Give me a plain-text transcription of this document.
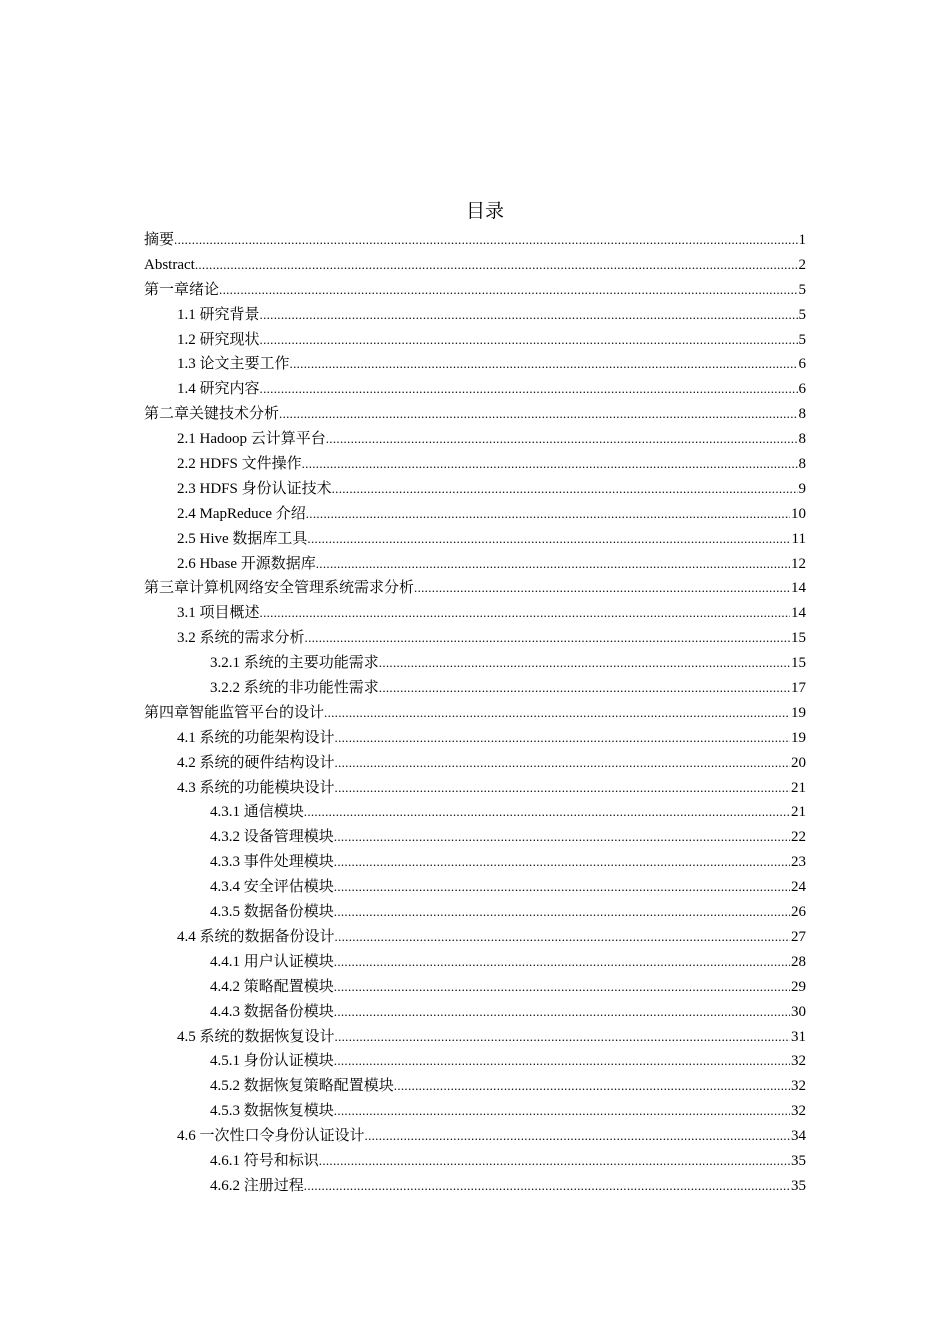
目录
摘要 .....	1
Abstract .....	2
第一章绪论 .....	5
1.1 研究背景 .....	5
1.2 研究现状 .....	5
1.3 论文主要工作 .....	6
1.4 研究内容 .....	6
第二章关键技术分析 .....	8
2.1 Hadoop 云计算平台 .....	8
2.2 HDFS 文件操作 .....	8
2.3 HDFS 身份认证技术 .....	9
2.4 MapReduce 介绍 .....	10
2.5 Hive 数据库工具 .....	11
2.6 Hbase 开源数据库 .....	12
第三章计算机网络安全管理系统需求分析 .....	14
3.1 项目概述 .....	14
3.2 系统的需求分析 .....	15
3.2.1 系统的主要功能需求 .....	15
3.2.2 系统的非功能性需求 .....	17
第四章智能监管平台的设计 .....	19
4.1 系统的功能架构设计 .....	19
4.2 系统的硬件结构设计 .....	20
4.3 系统的功能模块设计 .....	21
4.3.1 通信模块 .....	21
4.3.2 设备管理模块 .....	22
4.3.3 事件处理模块 .....	23
4.3.4 安全评估模块 .....	24
4.3.5 数据备份模块 .....	26
4.4 系统的数据备份设计 .....	27
4.4.1 用户认证模块 .....	28
4.4.2 策略配置模块 .....	29
4.4.3 数据备份模块 .....	30
4.5 系统的数据恢复设计 .....	31
4.5.1 身份认证模块 .....	32
4.5.2 数据恢复策略配置模块 .....	32
4.5.3 数据恢复模块 .....	32
4.6 一次性口令身份认证设计 .....	34
4.6.1 符号和标识 .....	35
4.6.2 注册过程 .....	35
